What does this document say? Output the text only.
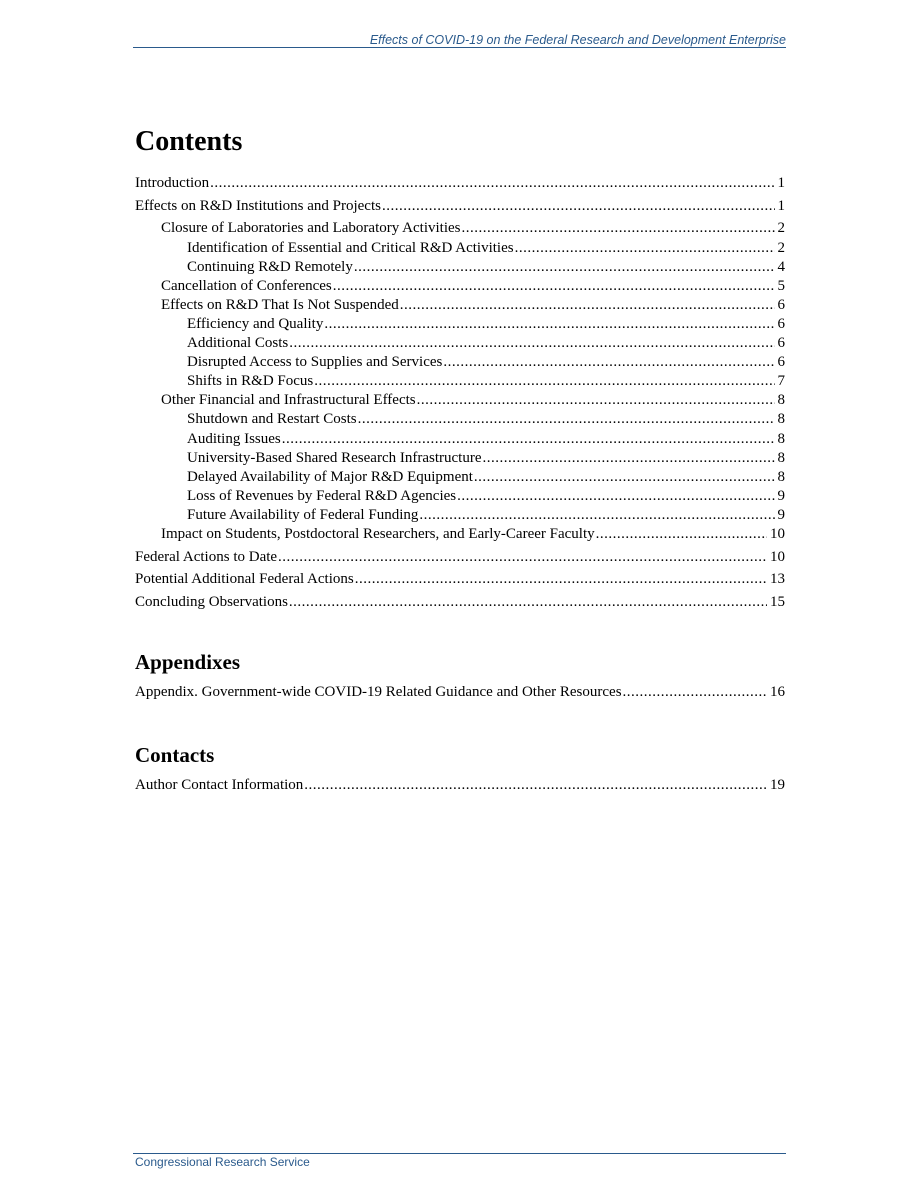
Effects of COVID-19 on the Federal Research and Development Enterprise
Contents
Introduction .....	1
Effects on R&D Institutions and Projects .....	1
Closure of Laboratories and Laboratory Activities .....	2
Identification of Essential and Critical R&D Activities .....	2
Continuing R&D Remotely .....	4
Cancellation of Conferences .....	5
Effects on R&D That Is Not Suspended .....	6
Efficiency and Quality .....	6
Additional Costs .....	6
Disrupted Access to Supplies and Services .....	6
Shifts in R&D Focus .....	7
Other Financial and Infrastructural Effects .....	8
Shutdown and Restart Costs .....	8
Auditing Issues .....	8
University-Based Shared Research Infrastructure .....	8
Delayed Availability of Major R&D Equipment .....	8
Loss of Revenues by Federal R&D Agencies .....	9
Future Availability of Federal Funding .....	9
Impact on Students, Postdoctoral Researchers, and Early-Career Faculty .....	10
Federal Actions to Date .....	10
Potential Additional Federal Actions .....	13
Concluding Observations .....	15
Appendixes
Appendix. Government-wide COVID-19 Related Guidance and Other Resources .....	16
Contacts
Author Contact Information .....	19
Congressional Research Service
